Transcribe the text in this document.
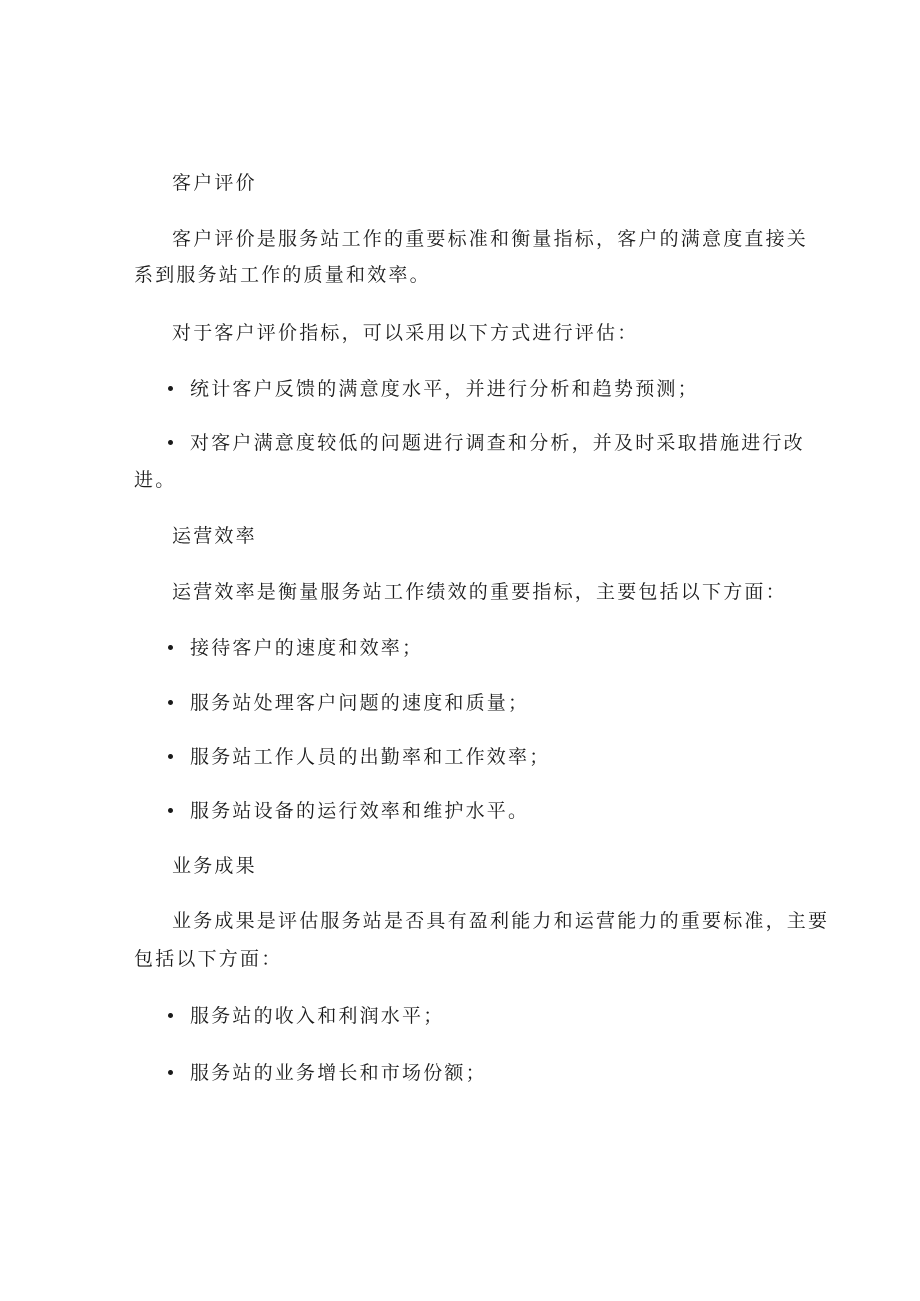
客户评价
客户评价是服务站工作的重要标准和衡量指标，客户的满意度直接关
系到服务站工作的质量和效率。
对于客户评价指标，可以采用以下方式进行评估：
统计客户反馈的满意度水平，并进行分析和趋势预测；
对客户满意度较低的问题进行调查和分析，并及时采取措施进行改
进。
运营效率
运营效率是衡量服务站工作绩效的重要指标，主要包括以下方面：
接待客户的速度和效率；
服务站处理客户问题的速度和质量；
服务站工作人员的出勤率和工作效率；
服务站设备的运行效率和维护水平。
业务成果
业务成果是评估服务站是否具有盈利能力和运营能力的重要标准，主要
包括以下方面：
服务站的收入和利润水平；
服务站的业务增长和市场份额；
